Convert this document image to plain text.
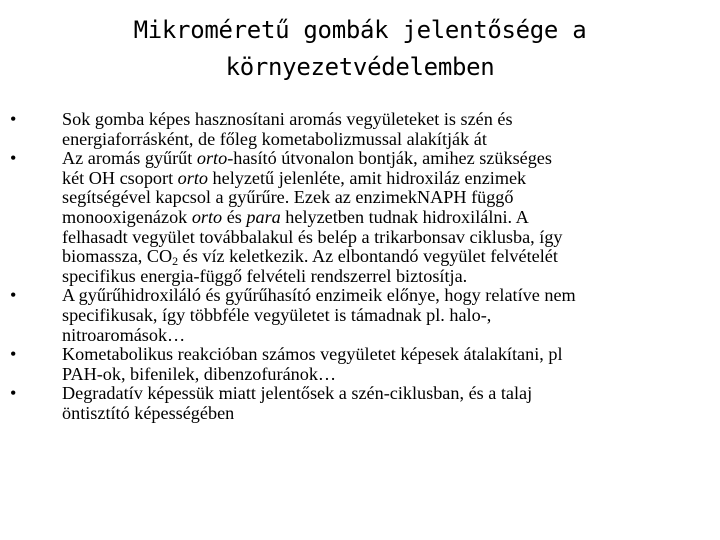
Mikroméretű gombák jelentősége a
környezetvédelemben
•	Sok gomba képes hasznosítani aromás vegyületeket is szén és
energiaforrásként, de főleg kometabolizmussal alakítják át
•	Az aromás gyűrűt orto-hasító útvonalon bontják, amihez szükséges
két OH csoport orto helyzetű jelenléte, amit hidroxiláz enzimek
segítségével kapcsol a gyűrűre. Ezek az enzimekNAPH függő
monooxigenázok orto és para helyzetben tudnak hidroxilálni. A
felhasadt vegyület továbbalakul és belép a trikarbonsav ciklusba, így
biomassza, $CO_2$ és víz keletkezik. Az elbontandó vegyület felvételét
specifikus energia-függő felvételi rendszerrel biztosítja.
•	A gyűrűhidroxiláló és gyűrűhasító enzimeik előnye, hogy relatíve nem
specifikusak, így többféle vegyületet is támadnak pl. halo-,
nitroaromások…
•	Kometabolikus reakcióban számos vegyületet képesek átalakítani, pl
PAH-ok, bifenilek, dibenzofuránok…
•	Degradatív képessük miatt jelentősek a szén-ciklusban, és a talaj
öntisztító képességében
